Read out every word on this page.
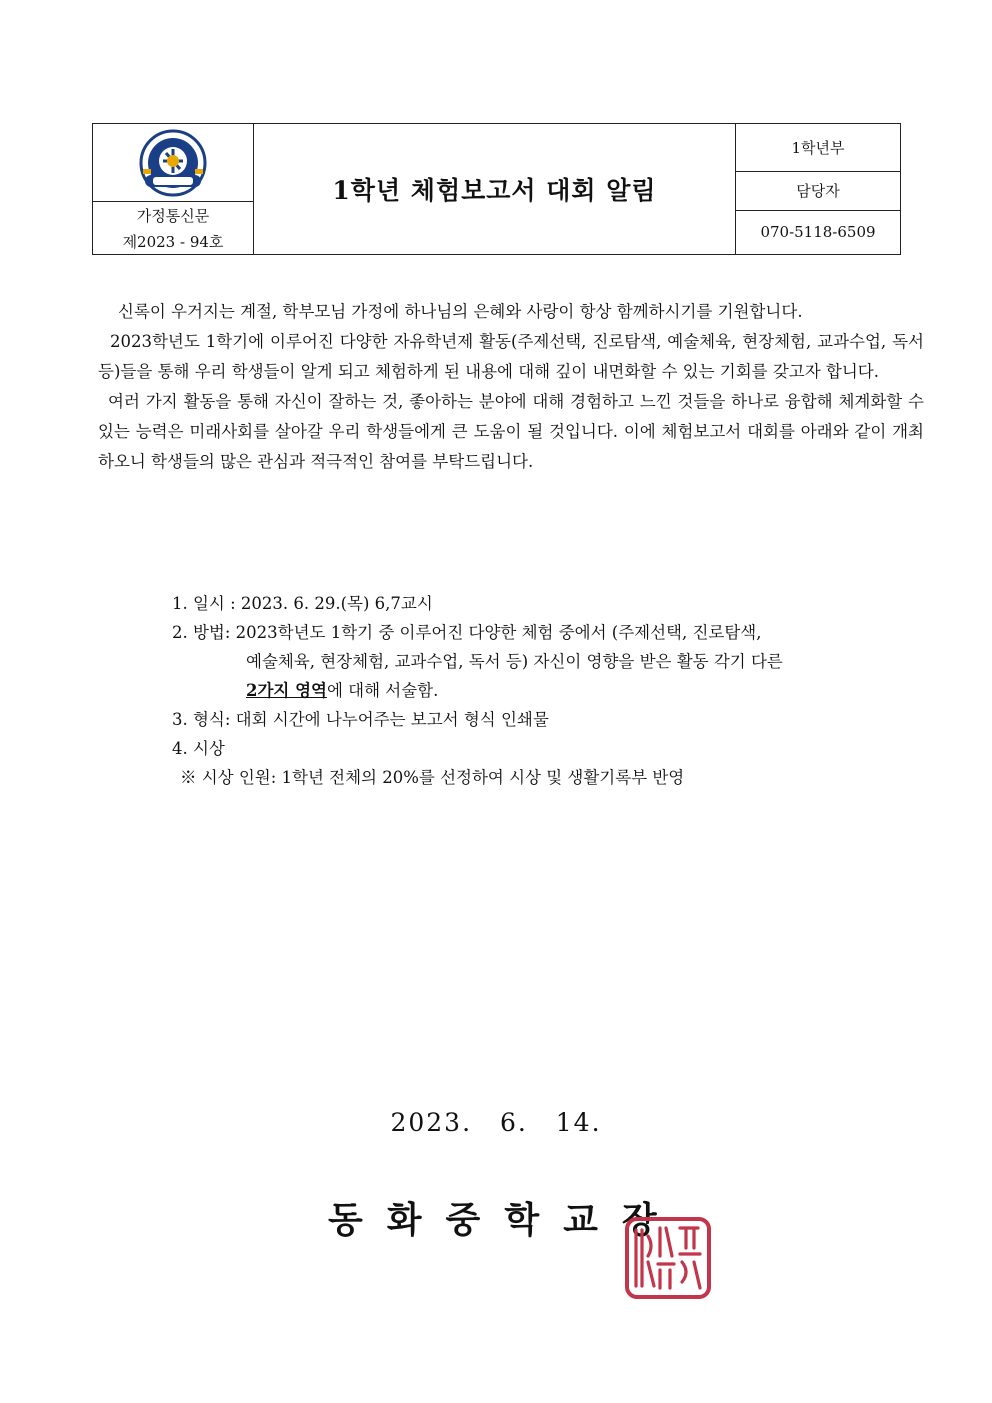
가정통신문
제2023 - 94호
1학년 체험보고서 대회 알림
1학년부
담당자
070-5118-6509

신록이 우거지는 계절, 학부모님 가정에 하나님의 은혜와 사랑이 항상 함께하시기를 기원합니다.

2023학년도 1학기에 이루어진 다양한 자유학년제 활동(주제선택, 진로탐색, 예술체육, 현장체험, 교과수업, 독서 등)들을 통해 우리 학생들이 알게 되고 체험하게 된 내용에 대해 깊이 내면화할 수 있는 기회를 갖고자 합니다.

여러 가지 활동을 통해 자신이 잘하는 것, 좋아하는 분야에 대해 경험하고 느낀 것들을 하나로 융합해 체계화할 수 있는 능력은 미래사회를 살아갈 우리 학생들에게 큰 도움이 될 것입니다. 이에 체험보고서 대회를 아래와 같이 개최하오니 학생들의 많은 관심과 적극적인 참여를 부탁드립니다.

1. 일시 : 2023. 6. 29.(목) 6,7교시
2. 방법: 2023학년도 1학기 중 이루어진 다양한 체험 중에서 (주제선택, 진로탐색,
예술체육, 현장체험, 교과수업, 독서 등) 자신이 영향을 받은 활동 각기 다른
2가지 영역에 대해 서술함.
3. 형식: 대회 시간에 나누어주는 보고서 형식 인쇄물
4. 시상
※ 시상 인원: 1학년 전체의 20%를 선정하여 시상 및 생활기록부 반영
2023. 6. 14.
동화중학교장
